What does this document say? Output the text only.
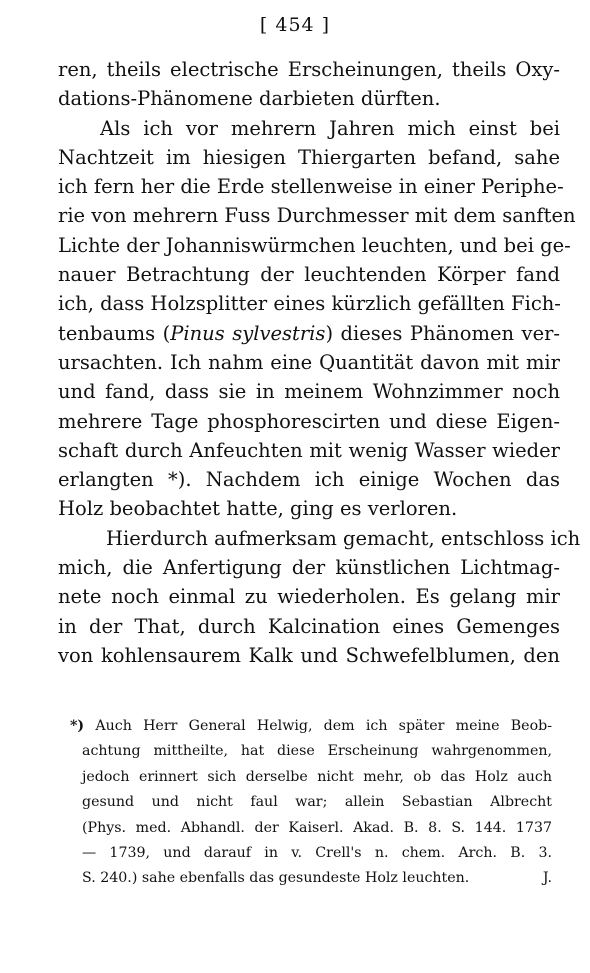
[ 454 ]
ren, theils electrische Erscheinungen, theils Oxy-
dations-Phänomene darbieten dürften.
Als ich vor mehrern Jahren mich einst bei
Nachtzeit im hiesigen Thiergarten befand, sahe
ich fern her die Erde stellenweise in einer Periphe-
rie von mehrern Fuss Durchmesser mit dem sanften
Lichte der Johanniswürmchen leuchten, und bei ge-
nauer Betrachtung der leuchtenden Körper fand
ich, dass Holzsplitter eines kürzlich gefällten Fich-
tenbaums (Pinus sylvestris) dieses Phänomen ver-
ursachten. Ich nahm eine Quantität davon mit mir
und fand, dass sie in meinem Wohnzimmer noch
mehrere Tage phosphorescirten und diese Eigen-
schaft durch Anfeuchten mit wenig Wasser wieder
erlangten *). Nachdem ich einige Wochen das
Holz beobachtet hatte, ging es verloren.
Hierdurch aufmerksam gemacht, entschloss ich
mich, die Anfertigung der künstlichen Lichtmag-
nete noch einmal zu wiederholen. Es gelang mir
in der That, durch Kalcination eines Gemenges
von kohlensaurem Kalk und Schwefelblumen, den
*) Auch Herr General Helwig, dem ich später meine Beob-
achtung mittheilte, hat diese Erscheinung wahrgenommen,
jedoch erinnert sich derselbe nicht mehr, ob das Holz auch
gesund und nicht faul war; allein Sebastian Albrecht
(Phys. med. Abhandl. der Kaiserl. Akad. B. 8. S. 144. 1737
— 1739, und darauf in v. Crell's n. chem. Arch. B. 3.
S. 240.) sahe ebenfalls das gesundeste Holz leuchten.	J.
